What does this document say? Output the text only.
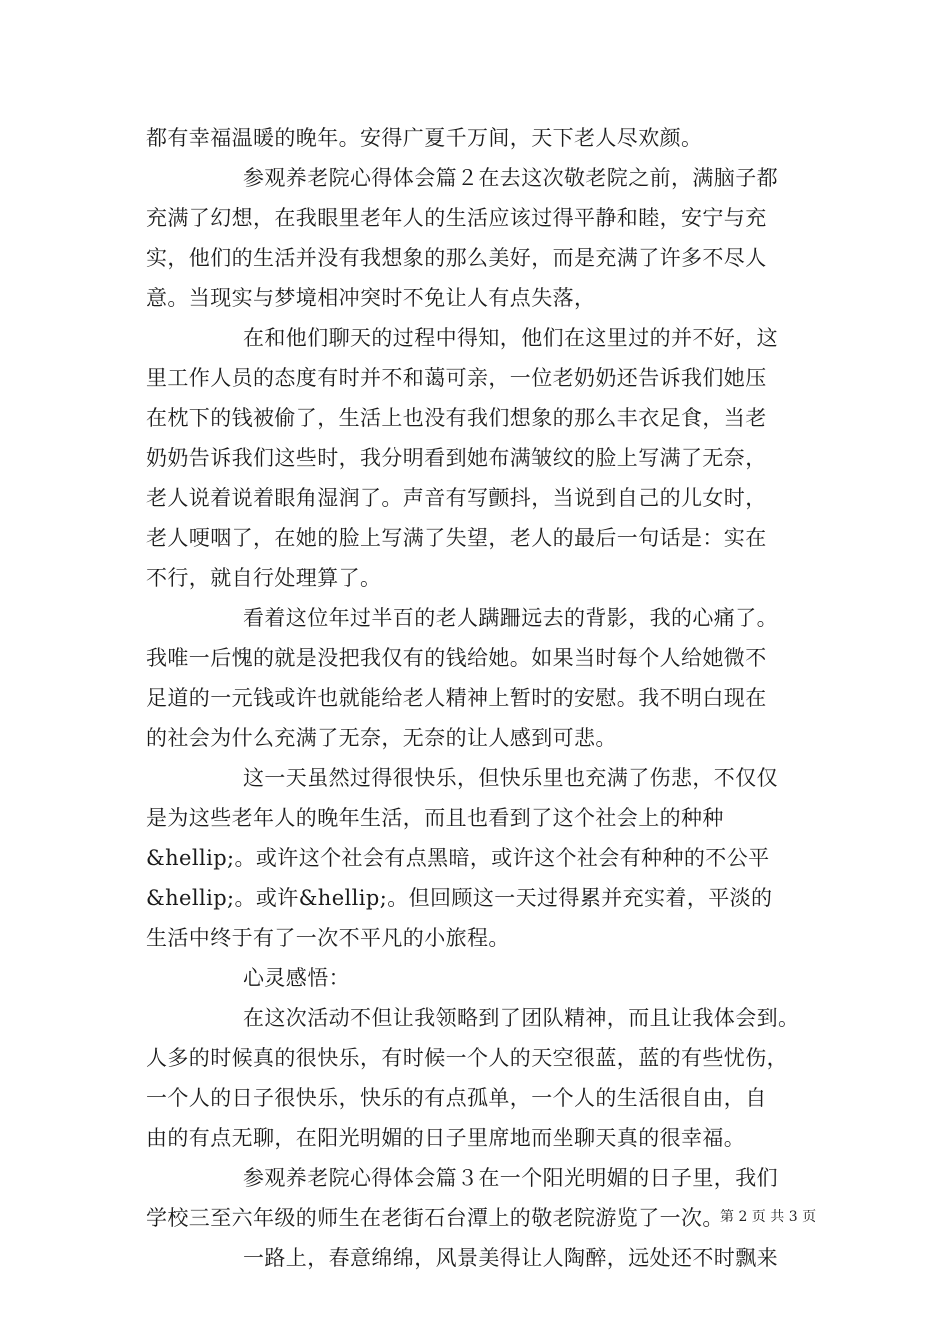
都有幸福温暖的晚年。安得广夏千万间，天下老人尽欢颜。
参观养老院心得体会篇２在去这次敬老院之前，满脑子都
充满了幻想，在我眼里老年人的生活应该过得平静和睦，安宁与充
实，他们的生活并没有我想象的那么美好，而是充满了许多不尽人
意。当现实与梦境相冲突时不免让人有点失落，
在和他们聊天的过程中得知，他们在这里过的并不好，这
里工作人员的态度有时并不和蔼可亲，一位老奶奶还告诉我们她压
在枕下的钱被偷了，生活上也没有我们想象的那么丰衣足食，当老
奶奶告诉我们这些时，我分明看到她布满皱纹的脸上写满了无奈，
老人说着说着眼角湿润了。声音有写颤抖，当说到自己的儿女时，
老人哽咽了，在她的脸上写满了失望，老人的最后一句话是：实在
不行，就自行处理算了。
看着这位年过半百的老人蹒跚远去的背影，我的心痛了。
我唯一后愧的就是没把我仅有的钱给她。如果当时每个人给她微不
足道的一元钱或许也就能给老人精神上暂时的安慰。我不明白现在
的社会为什么充满了无奈，无奈的让人感到可悲。
这一天虽然过得很快乐，但快乐里也充满了伤悲，不仅仅
是为这些老年人的晚年生活，而且也看到了这个社会上的种种
&hellip;。或许这个社会有点黑暗，或许这个社会有种种的不公平
&hellip;。或许&hellip;。但回顾这一天过得累并充实着，平淡的
生活中终于有了一次不平凡的小旅程。
心灵感悟：
在这次活动不但让我领略到了团队精神，而且让我体会到。
人多的时候真的很快乐，有时候一个人的天空很蓝，蓝的有些忧伤，
一个人的日子很快乐，快乐的有点孤单，一个人的生活很自由，自
由的有点无聊，在阳光明媚的日子里席地而坐聊天真的很幸福。
参观养老院心得体会篇３在一个阳光明媚的日子里，我们
学校三至六年级的师生在老街石台潭上的敬老院游览了一次。
一路上，春意绵绵，风景美得让人陶醉，远处还不时飘来
第 2 页 共 3 页
